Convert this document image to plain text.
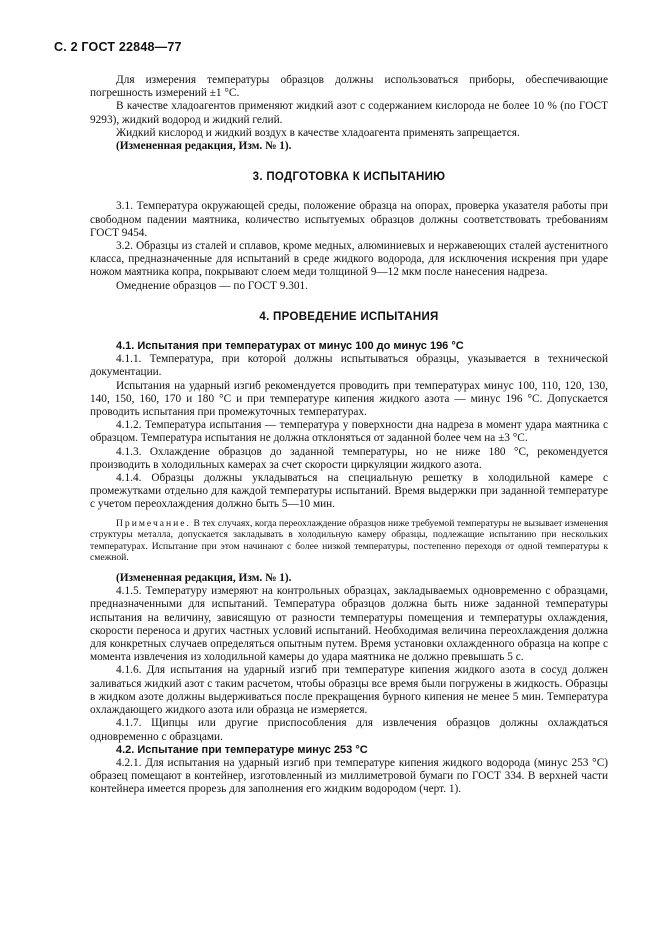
С. 2 ГОСТ 22848—77

Для измерения температуры образцов должны использоваться приборы, обеспечивающие погрешность измерений ±1 °С.

В качестве хладоагентов применяют жидкий азот с содержанием кислорода не более 10 % (по ГОСТ 9293), жидкий водород и жидкий гелий.

Жидкий кислород и жидкий воздух в качестве хладоагента применять запрещается.

(Измененная редакция, Изм. № 1).

3. ПОДГОТОВКА К ИСПЫТАНИЮ

3.1. Температура окружающей среды, положение образца на опорах, проверка указателя работы при свободном падении маятника, количество испытуемых образцов должны соответствовать требованиям ГОСТ 9454.

3.2. Образцы из сталей и сплавов, кроме медных, алюминиевых и нержавеющих сталей аустенитного класса, предназначенные для испытаний в среде жидкого водорода, для исключения искрения при ударе ножом маятника копра, покрывают слоем меди толщиной 9—12 мкм после нанесения надреза.

Омеднение образцов — по ГОСТ 9.301.

4. ПРОВЕДЕНИЕ ИСПЫТАНИЯ

4.1. Испытания при температурах от минус 100 до минус 196 °С

4.1.1. Температура, при которой должны испытываться образцы, указывается в технической документации.

Испытания на ударный изгиб рекомендуется проводить при температурах минус 100, 110, 120, 130, 140, 150, 160, 170 и 180 °С и при температуре кипения жидкого азота — минус 196 °С. Допускается проводить испытания при промежуточных температурах.

4.1.2. Температура испытания — температура у поверхности дна надреза в момент удара маятника с образцом. Температура испытания не должна отклоняться от заданной более чем на ±3 °С.

4.1.3. Охлаждение образцов до заданной температуры, но не ниже 180 °С, рекомендуется производить в холодильных камерах за счет скорости циркуляции жидкого азота.

4.1.4. Образцы должны укладываться на специальную решетку в холодильной камере с промежутками отдельно для каждой температуры испытаний. Время выдержки при заданной температуре с учетом переохлаждения должно быть 5—10 мин.

Примечание. В тех случаях, когда переохлаждение образцов ниже требуемой температуры не вызывает изменения структуры металла, допускается закладывать в холодильную камеру образцы, подлежащие испытанию при нескольких температурах. Испытание при этом начинают с более низкой температуры, постепенно переходя от одной температуры к смежной.

(Измененная редакция, Изм. № 1).

4.1.5. Температуру измеряют на контрольных образцах, закладываемых одновременно с образцами, предназначенными для испытаний. Температура образцов должна быть ниже заданной температуры испытания на величину, зависящую от разности температуры помещения и температуры охлаждения, скорости переноса и других частных условий испытаний. Необходимая величина переохлаждения должна для конкретных случаев определяться опытным путем. Время установки охлажденного образца на копре с момента извлечения из холодильной камеры до удара маятника не должно превышать 5 с.

4.1.6. Для испытания на ударный изгиб при температуре кипения жидкого азота в сосуд должен заливаться жидкий азот с таким расчетом, чтобы образцы все время были погружены в жидкость. Образцы в жидком азоте должны выдерживаться после прекращения бурного кипения не менее 5 мин. Температура охлаждающего жидкого азота или образца не измеряется.

4.1.7. Щипцы или другие приспособления для извлечения образцов должны охлаждаться одновременно с образцами.

4.2. Испытание при температуре минус 253 °С

4.2.1. Для испытания на ударный изгиб при температуре кипения жидкого водорода (минус 253 °С) образец помещают в контейнер, изготовленный из миллиметровой бумаги по ГОСТ 334. В верхней части контейнера имеется прорезь для заполнения его жидким водородом (черт. 1).
